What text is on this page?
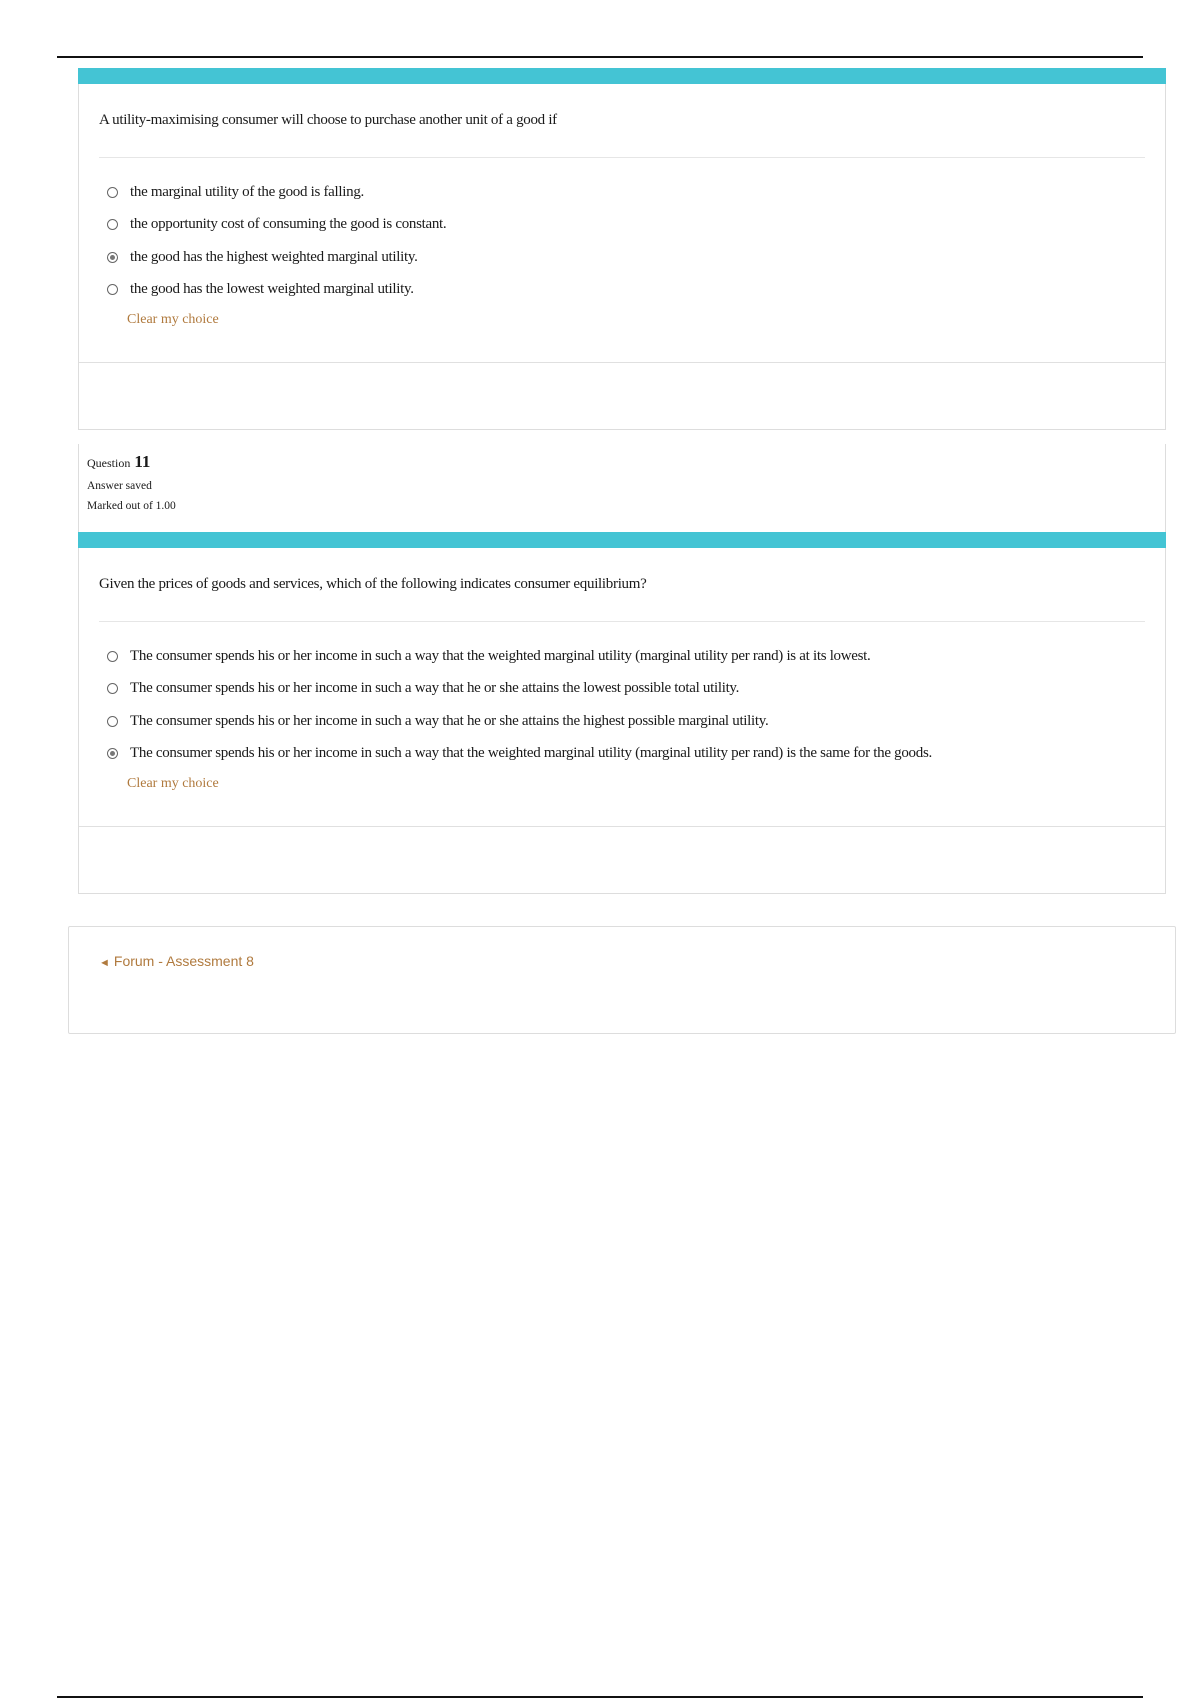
A utility-maximising consumer will choose to purchase another unit of a good if
the marginal utility of the good is falling.
the opportunity cost of consuming the good is constant.
the good has the highest weighted marginal utility.
the good has the lowest weighted marginal utility.
Clear my choice
Question 11
Answer saved
Marked out of 1.00
Given the prices of goods and services, which of the following indicates consumer equilibrium?
The consumer spends his or her income in such a way that the weighted marginal utility (marginal utility per rand) is at its lowest.
The consumer spends his or her income in such a way that he or she attains the lowest possible total utility.
The consumer spends his or her income in such a way that he or she attains the highest possible marginal utility.
The consumer spends his or her income in such a way that the weighted marginal utility (marginal utility per rand) is the same for the goods.
Clear my choice
◄ Forum - Assessment 8
